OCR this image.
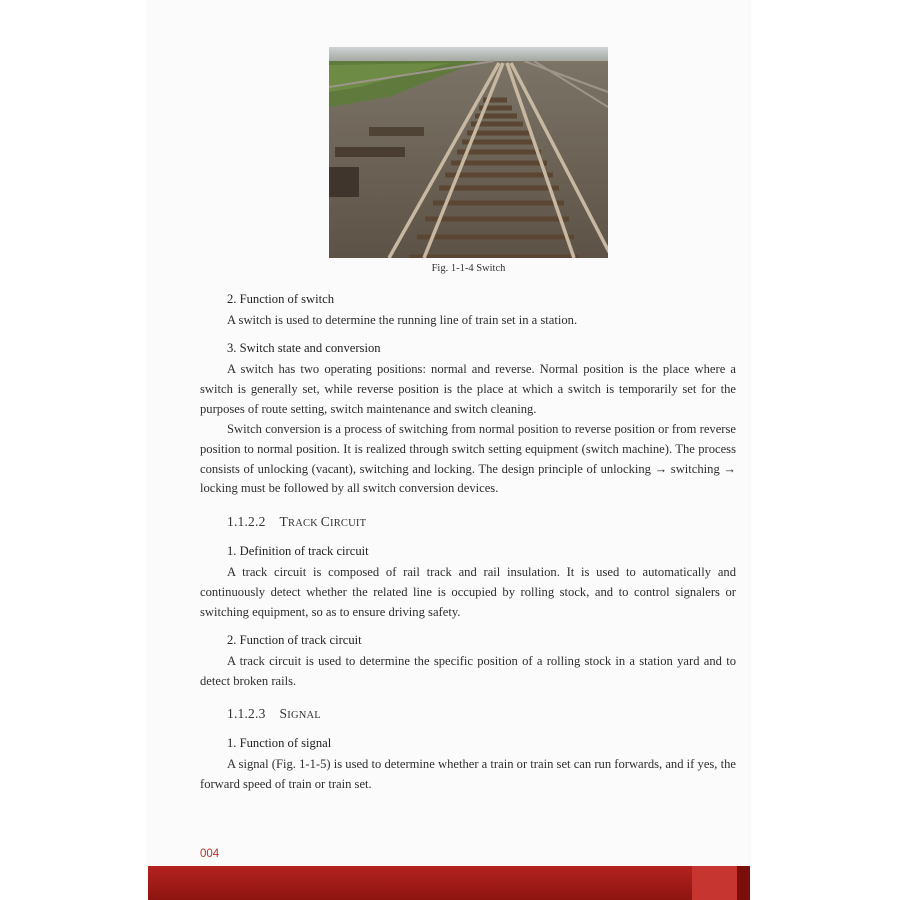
Fig. 1-1-4 Switch
2. Function of switch

A switch is used to determine the running line of train set in a station.

3. Switch state and conversion

A switch has two operating positions: normal and reverse. Normal position is the place where a switch is generally set, while reverse position is the place at which a switch is temporarily set for the purposes of route setting, switch maintenance and switch cleaning.

Switch conversion is a process of switching from normal position to reverse position or from reverse position to normal position. It is realized through switch setting equipment (switch machine). The process consists of unlocking (vacant), switching and locking. The design principle of unlocking → switching → locking must be followed by all switch conversion devices.

1.1.2.2 TRACK CIRCUIT
1. Definition of track circuit

A track circuit is composed of rail track and rail insulation. It is used to automatically and continuously detect whether the related line is occupied by rolling stock, and to control signalers or switching equipment, so as to ensure driving safety.

2. Function of track circuit

A track circuit is used to determine the specific position of a rolling stock in a station yard and to detect broken rails.

1.1.2.3 SIGNAL
1. Function of signal

A signal (Fig. 1-1-5) is used to determine whether a train or train set can run forwards, and if yes, the forward speed of train or train set.

004
